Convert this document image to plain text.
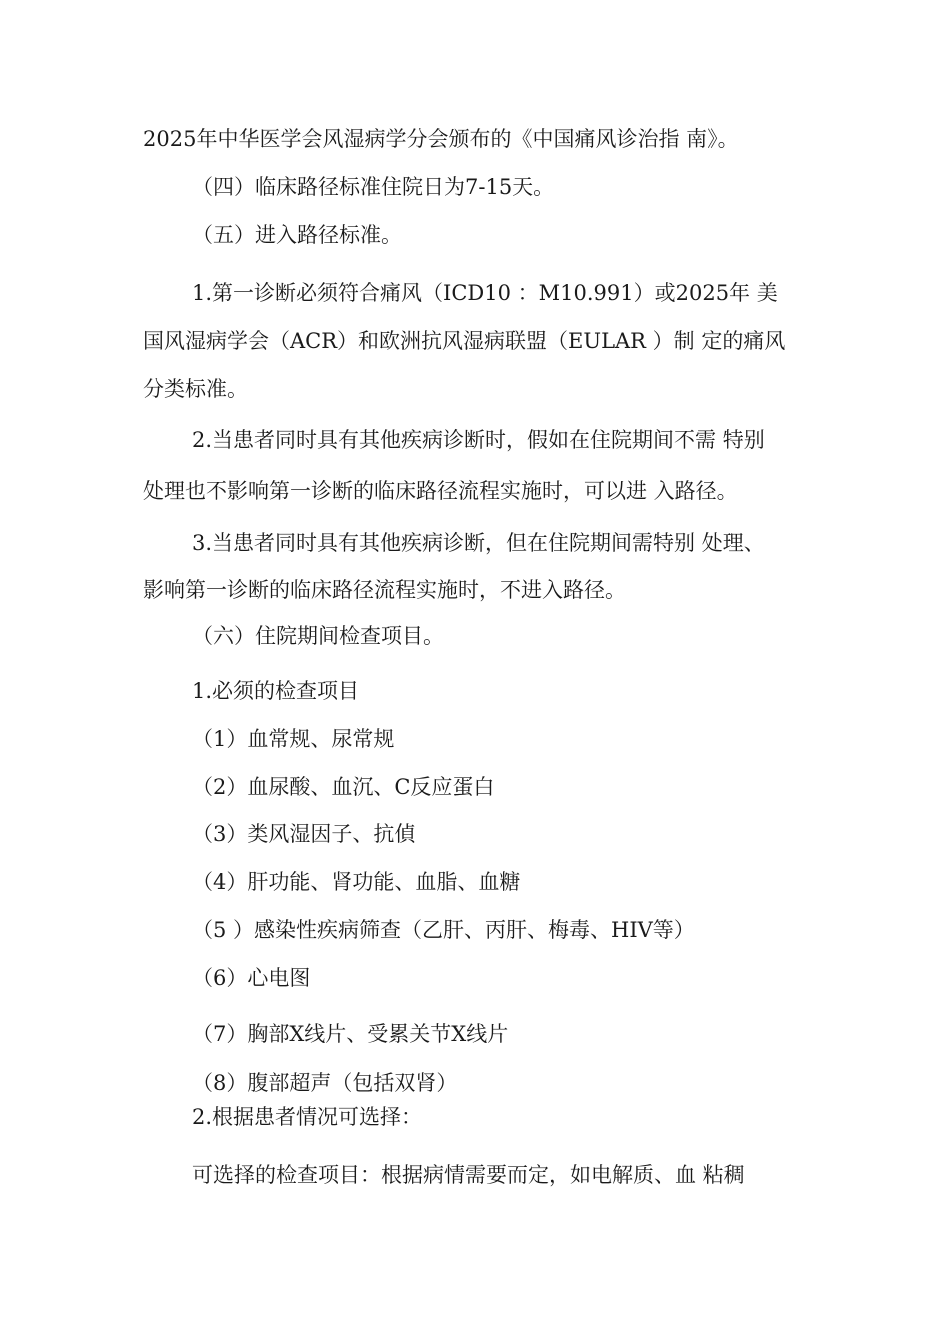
2025年中华医学会风湿病学分会颁布的《中国痛风诊治指 南》。

（四）临床路径标准住院日为7-15天。

（五）进入路径标准。

1.第一诊断必须符合痛风（ICD10 ：M10.991）或2025年 美

国风湿病学会（ACR）和欧洲抗风湿病联盟（EULAR ）制 定的痛风

分类标准。

2.当患者同时具有其他疾病诊断时，假如在住院期间不需 特别

处理也不影响第一诊断的临床路径流程实施时，可以进 入路径。

3.当患者同时具有其他疾病诊断，但在住院期间需特别 处理、

影响第一诊断的临床路径流程实施时，不进入路径。

（六）住院期间检查项目。

1.必须的检查项目

（1）血常规、尿常规

（2）血尿酸、血沉、C反应蛋白

（3）类风湿因子、抗偵

（4）肝功能、肾功能、血脂、血糖

（5 ）感染性疾病筛查（乙肝、丙肝、梅毒、HIV等）

（6）心电图

（7）胸部X线片、受累关节X线片

（8）腹部超声（包括双肾）

2.根据患者情况可选择：

可选择的检查项目：根据病情需要而定，如电解质、血 粘稠
